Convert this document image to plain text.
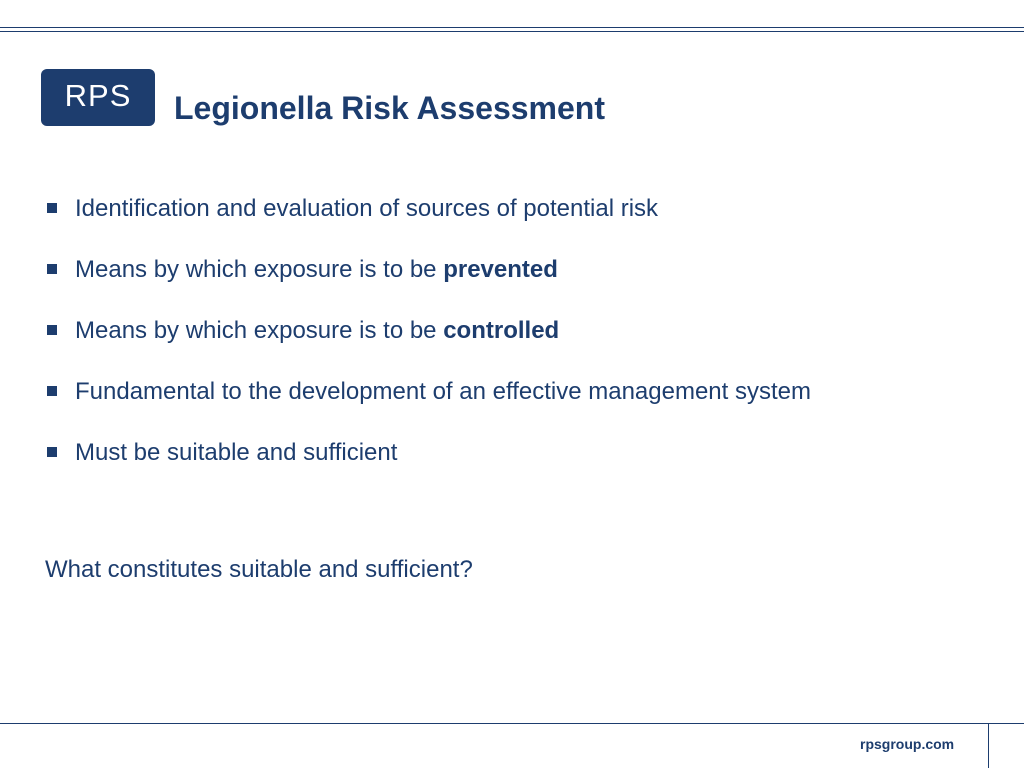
RPS Legionella Risk Assessment
Identification and evaluation of sources of potential risk
Means by which exposure is to be prevented
Means by which exposure is to be controlled
Fundamental to the development of an effective management system
Must be suitable and sufficient
What constitutes suitable and sufficient?
rpsgroup.com
